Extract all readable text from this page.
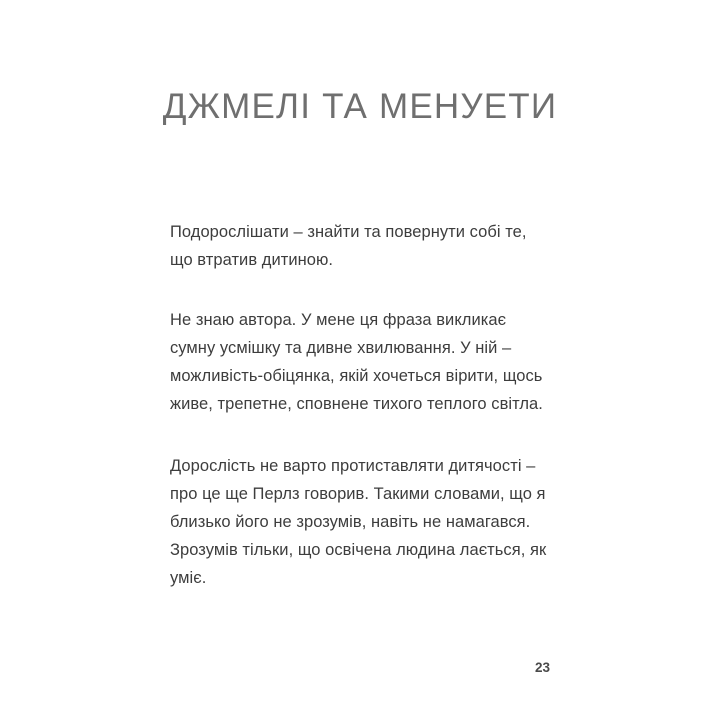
ДЖМЕЛІ ТА МЕНУЕТИ

Подорослішати – знайти та повернути собі те, що втратив дитиною.

Не знаю автора. У мене ця фраза викликає сумну усмішку та дивне хвилювання. У ній – можливість-обіцянка, якій хочеться вірити, щось живе, трепетне, сповнене тихого теплого світла.

Дорослість не варто протиставляти дитячості – про це ще Перлз говорив. Такими словами, що я близько його не зрозумів, навіть не намагався. Зрозумів тільки, що освічена людина лається, як уміє.

23
